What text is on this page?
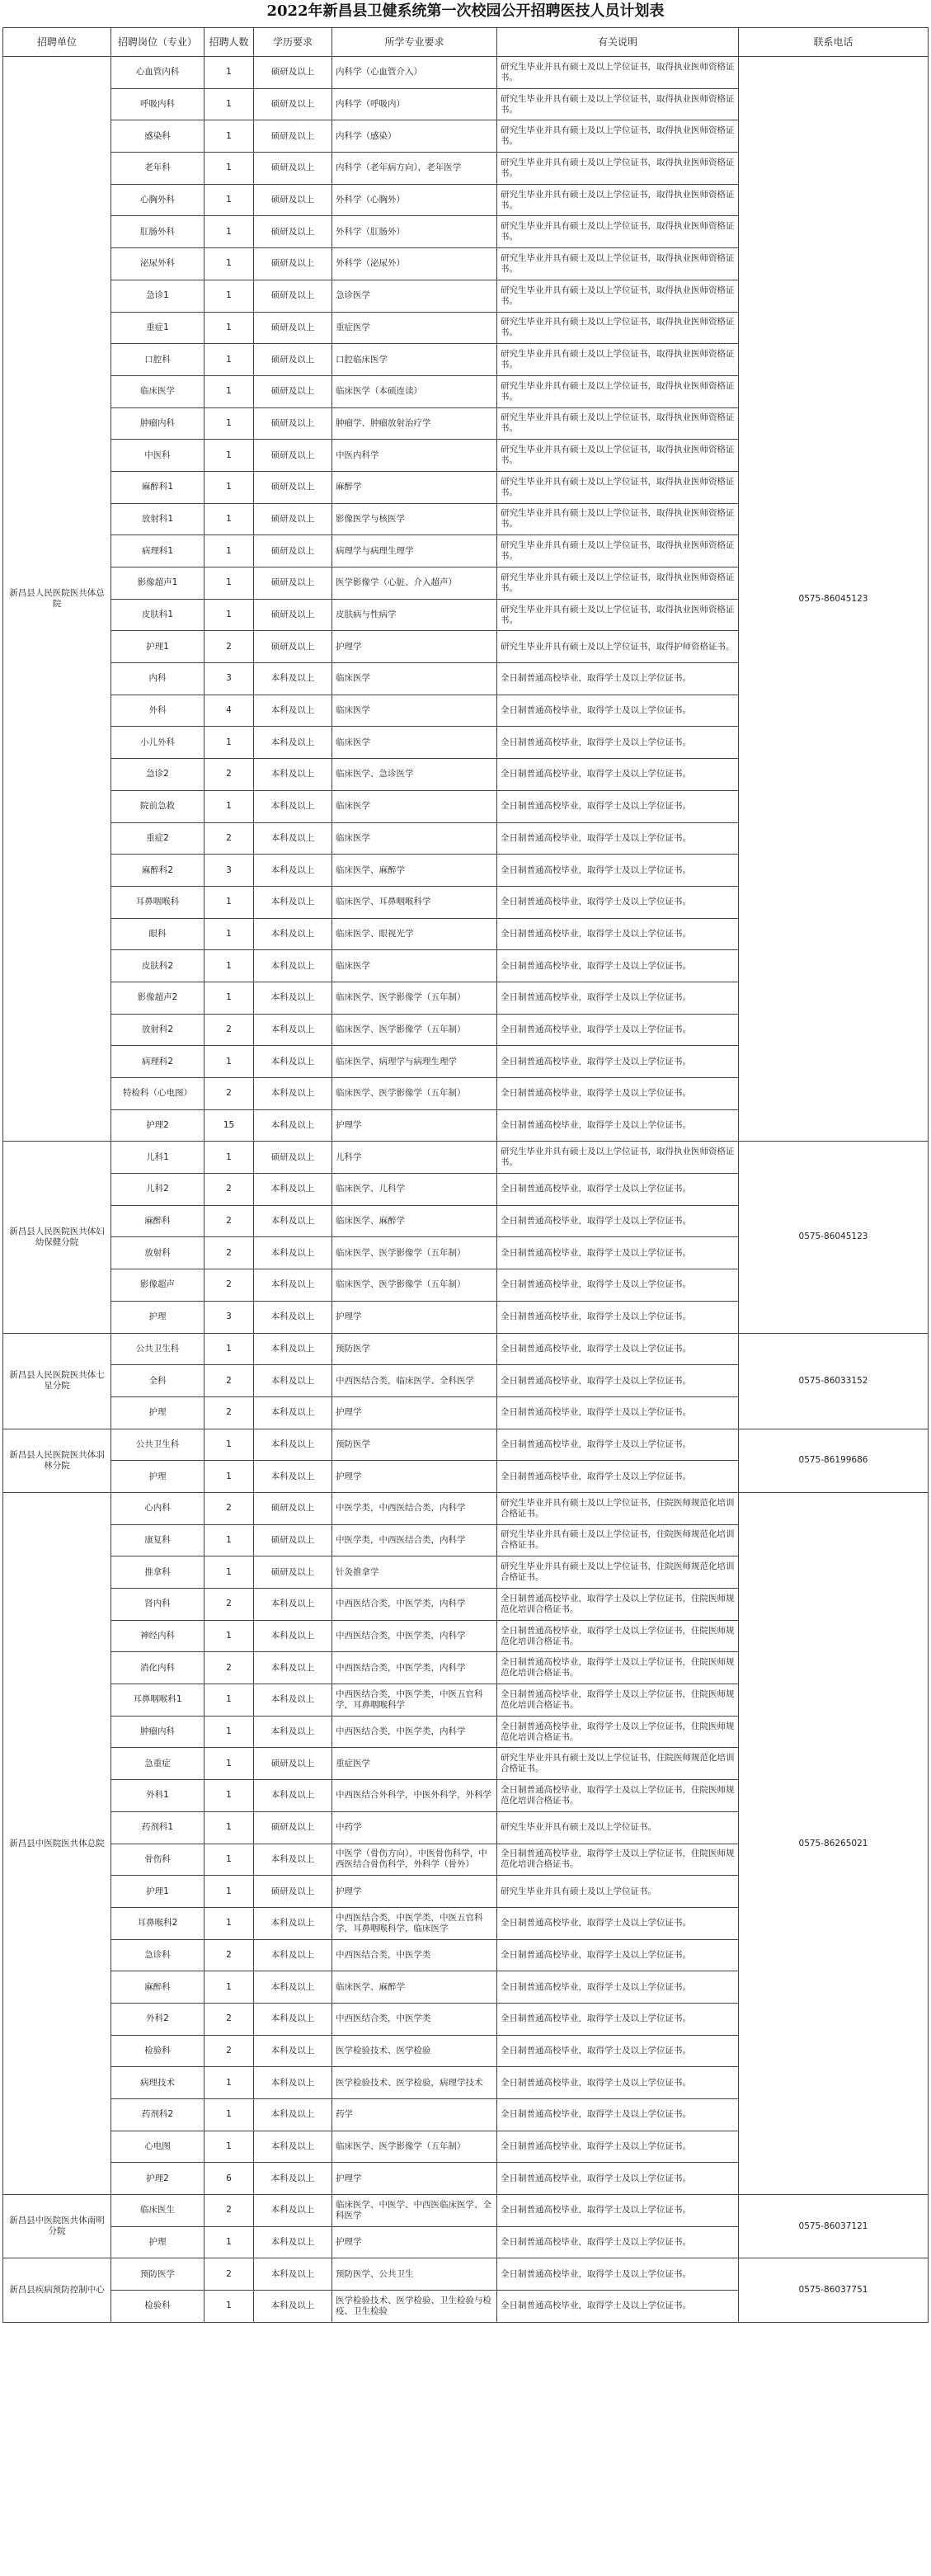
2022年新昌县卫健系统第一次校园公开招聘医技人员计划表
招聘单位	招聘岗位（专业）	招聘人数	学历要求	所学专业要求	有关说明	联系电话
新昌县人民医院医共体总院	心血管内科	1	硕研及以上	内科学（心血管介入）	研究生毕业并具有硕士及以上学位证书，取得执业医师资格证书。	0575-86045123
	呼吸内科	1	硕研及以上	内科学（呼吸内）	研究生毕业并具有硕士及以上学位证书，取得执业医师资格证书。	
	感染科	1	硕研及以上	内科学（感染）	研究生毕业并具有硕士及以上学位证书，取得执业医师资格证书。	
	老年科	1	硕研及以上	内科学（老年病方向），老年医学	研究生毕业并具有硕士及以上学位证书，取得执业医师资格证书。	
	心胸外科	1	硕研及以上	外科学（心胸外）	研究生毕业并具有硕士及以上学位证书，取得执业医师资格证书。	
	肛肠外科	1	硕研及以上	外科学（肛肠外）	研究生毕业并具有硕士及以上学位证书，取得执业医师资格证书。	
	泌尿外科	1	硕研及以上	外科学（泌尿外）	研究生毕业并具有硕士及以上学位证书，取得执业医师资格证书。	
	急诊1	1	硕研及以上	急诊医学	研究生毕业并具有硕士及以上学位证书，取得执业医师资格证书。	
	重症1	1	硕研及以上	重症医学	研究生毕业并具有硕士及以上学位证书，取得执业医师资格证书。	
	口腔科	1	硕研及以上	口腔临床医学	研究生毕业并具有硕士及以上学位证书，取得执业医师资格证书。	
	临床医学	1	硕研及以上	临床医学（本硕连读）	研究生毕业并具有硕士及以上学位证书，取得执业医师资格证书。	
	肿瘤内科	1	硕研及以上	肿瘤学、肿瘤放射治疗学	研究生毕业并具有硕士及以上学位证书，取得执业医师资格证书。	
	中医科	1	硕研及以上	中医内科学	研究生毕业并具有硕士及以上学位证书，取得执业医师资格证书。	
	麻醉科1	1	硕研及以上	麻醉学	研究生毕业并具有硕士及以上学位证书，取得执业医师资格证书。	
	放射科1	1	硕研及以上	影像医学与核医学	研究生毕业并具有硕士及以上学位证书，取得执业医师资格证书。	
	病理科1	1	硕研及以上	病理学与病理生理学	研究生毕业并具有硕士及以上学位证书，取得执业医师资格证书。	
	影像超声1	1	硕研及以上	医学影像学（心脏、介入超声）	研究生毕业并具有硕士及以上学位证书，取得执业医师资格证书。	
	皮肤科1	1	硕研及以上	皮肤病与性病学	研究生毕业并具有硕士及以上学位证书，取得执业医师资格证书。	
	护理1	2	硕研及以上	护理学	研究生毕业并具有硕士及以上学位证书，取得护师资格证书。	
	内科	3	本科及以上	临床医学	全日制普通高校毕业，取得学士及以上学位证书。	
	外科	4	本科及以上	临床医学	全日制普通高校毕业，取得学士及以上学位证书。	
	小儿外科	1	本科及以上	临床医学	全日制普通高校毕业，取得学士及以上学位证书。	
	急诊2	2	本科及以上	临床医学、急诊医学	全日制普通高校毕业，取得学士及以上学位证书。	
	院前急救	1	本科及以上	临床医学	全日制普通高校毕业，取得学士及以上学位证书。	
	重症2	2	本科及以上	临床医学	全日制普通高校毕业，取得学士及以上学位证书。	
	麻醉科2	3	本科及以上	临床医学、麻醉学	全日制普通高校毕业，取得学士及以上学位证书。	
	耳鼻咽喉科	1	本科及以上	临床医学、耳鼻咽喉科学	全日制普通高校毕业，取得学士及以上学位证书。	
	眼科	1	本科及以上	临床医学、眼视光学	全日制普通高校毕业，取得学士及以上学位证书。	
	皮肤科2	1	本科及以上	临床医学	全日制普通高校毕业，取得学士及以上学位证书。	
	影像超声2	1	本科及以上	临床医学、医学影像学（五年制）	全日制普通高校毕业，取得学士及以上学位证书。	
	放射科2	2	本科及以上	临床医学、医学影像学（五年制）	全日制普通高校毕业，取得学士及以上学位证书。	
	病理科2	1	本科及以上	临床医学、病理学与病理生理学	全日制普通高校毕业，取得学士及以上学位证书。	
	特检科（心电图）	2	本科及以上	临床医学、医学影像学（五年制）	全日制普通高校毕业，取得学士及以上学位证书。	
	护理2	15	本科及以上	护理学	全日制普通高校毕业，取得学士及以上学位证书。	
新昌县人民医院医共体妇幼保健分院	儿科1	1	硕研及以上	儿科学	研究生毕业并具有硕士及以上学位证书，取得执业医师资格证书。	0575-86045123
	儿科2	2	本科及以上	临床医学、儿科学	全日制普通高校毕业，取得学士及以上学位证书。	
	麻醉科	2	本科及以上	临床医学、麻醉学	全日制普通高校毕业，取得学士及以上学位证书。	
	放射科	2	本科及以上	临床医学、医学影像学（五年制）	全日制普通高校毕业，取得学士及以上学位证书。	
	影像超声	2	本科及以上	临床医学、医学影像学（五年制）	全日制普通高校毕业，取得学士及以上学位证书。	
	护理	3	本科及以上	护理学	全日制普通高校毕业，取得学士及以上学位证书。	
新昌县人民医院医共体七星分院	公共卫生科	1	本科及以上	预防医学	全日制普通高校毕业，取得学士及以上学位证书。	0575-86033152
	全科	2	本科及以上	中西医结合类，临床医学、全科医学	全日制普通高校毕业，取得学士及以上学位证书。	
	护理	2	本科及以上	护理学	全日制普通高校毕业，取得学士及以上学位证书。	
新昌县人民医院医共体羽林分院	公共卫生科	1	本科及以上	预防医学	全日制普通高校毕业，取得学士及以上学位证书。	0575-86199686
	护理	1	本科及以上	护理学	全日制普通高校毕业，取得学士及以上学位证书。	
新昌县中医院医共体总院	心内科	2	硕研及以上	中医学类，中西医结合类，内科学	研究生毕业并具有硕士及以上学位证书，住院医师规范化培训合格证书。	0575-86265021
	康复科	1	硕研及以上	中医学类，中西医结合类，内科学	研究生毕业并具有硕士及以上学位证书，住院医师规范化培训合格证书。	
	推拿科	1	硕研及以上	针灸推拿学	研究生毕业并具有硕士及以上学位证书，住院医师规范化培训合格证书。	
	肾内科	2	本科及以上	中西医结合类，中医学类，内科学	全日制普通高校毕业，取得学士及以上学位证书，住院医师规范化培训合格证书。	
	神经内科	1	本科及以上	中西医结合类，中医学类，内科学	全日制普通高校毕业，取得学士及以上学位证书，住院医师规范化培训合格证书。	
	消化内科	2	本科及以上	中西医结合类，中医学类，内科学	全日制普通高校毕业，取得学士及以上学位证书，住院医师规范化培训合格证书。	
	耳鼻咽喉科1	1	本科及以上	中西医结合类，中医学类，中医五官科学，耳鼻咽喉科学	全日制普通高校毕业，取得学士及以上学位证书，住院医师规范化培训合格证书。	
	肿瘤内科	1	本科及以上	中西医结合类，中医学类，内科学	全日制普通高校毕业，取得学士及以上学位证书，住院医师规范化培训合格证书。	
	急重症	1	硕研及以上	重症医学	研究生毕业并具有硕士及以上学位证书，住院医师规范化培训合格证书。	
	外科1	1	本科及以上	中西医结合外科学，中医外科学，外科学	全日制普通高校毕业，取得学士及以上学位证书，住院医师规范化培训合格证书。	
	药剂科1	1	硕研及以上	中药学	研究生毕业并具有硕士及以上学位证书。	
	骨伤科	1	本科及以上	中医学（骨伤方向），中医骨伤科学，中西医结合骨伤科学，外科学（骨外）	全日制普通高校毕业，取得学士及以上学位证书，住院医师规范化培训合格证书。	
	护理1	1	硕研及以上	护理学	研究生毕业并具有硕士及以上学位证书。	
	耳鼻喉科2	1	本科及以上	中西医结合类，中医学类，中医五官科学，耳鼻咽喉科学，临床医学	全日制普通高校毕业，取得学士及以上学位证书。	
	急诊科	2	本科及以上	中西医结合类，中医学类	全日制普通高校毕业，取得学士及以上学位证书。	
	麻醉科	1	本科及以上	临床医学、麻醉学	全日制普通高校毕业，取得学士及以上学位证书。	
	外科2	2	本科及以上	中西医结合类，中医学类	全日制普通高校毕业，取得学士及以上学位证书。	
	检验科	2	本科及以上	医学检验技术、医学检验	全日制普通高校毕业，取得学士及以上学位证书。	
	病理技术	1	本科及以上	医学检验技术、医学检验，病理学技术	全日制普通高校毕业，取得学士及以上学位证书。	
	药剂科2	1	本科及以上	药学	全日制普通高校毕业，取得学士及以上学位证书。	
	心电图	1	本科及以上	临床医学、医学影像学（五年制）	全日制普通高校毕业，取得学士及以上学位证书。	
	护理2	6	本科及以上	护理学	全日制普通高校毕业，取得学士及以上学位证书。	
新昌县中医院医共体南明分院	临床医生	2	本科及以上	临床医学、中医学、中西医临床医学、全科医学	全日制普通高校毕业，取得学士及以上学位证书。	0575-86037121
	护理	1	本科及以上	护理学	全日制普通高校毕业，取得学士及以上学位证书。	
新昌县疾病预防控制中心	预防医学	2	本科及以上	预防医学、公共卫生	全日制普通高校毕业，取得学士及以上学位证书。	0575-86037751
	检验科	1	本科及以上	医学检验技术、医学检验、卫生检验与检疫、卫生检验	全日制普通高校毕业，取得学士及以上学位证书。	
